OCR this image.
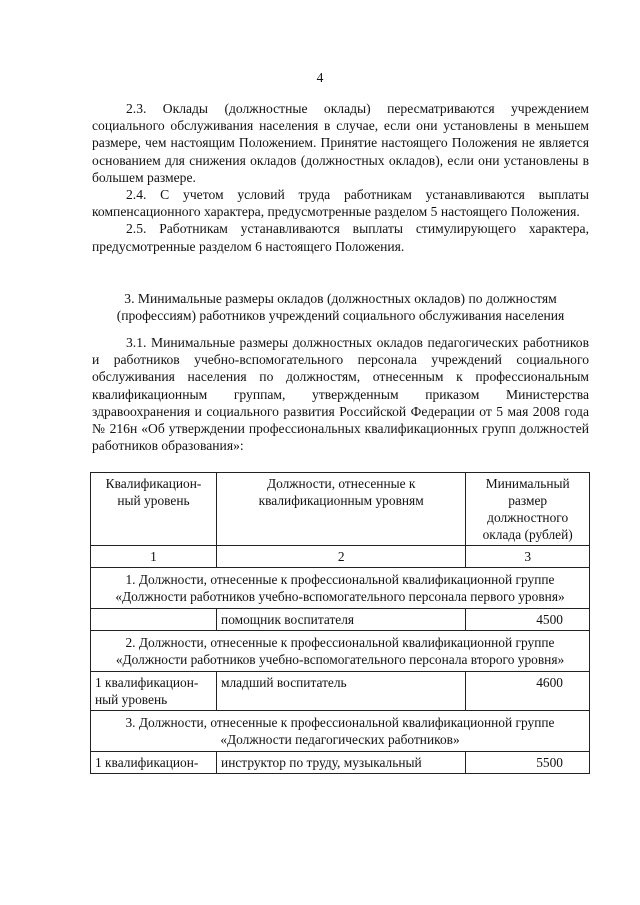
4

2.3. Оклады (должностные оклады) пересматриваются учреждением социального обслуживания населения в случае, если они установлены в меньшем размере, чем настоящим Положением. Принятие настоящего Положения не является основанием для снижения окладов (должностных окладов), если они установлены в большем размере.

2.4. С учетом условий труда работникам устанавливаются выплаты компенсационного характера, предусмотренные разделом 5 настоящего Положения.

2.5. Работникам устанавливаются выплаты стимулирующего характера, предусмотренные разделом 6 настоящего Положения.

3. Минимальные размеры окладов (должностных окладов) по должностям
(профессиям) работников учреждений социального обслуживания населения

3.1. Минимальные размеры должностных окладов педагогических работников и работников учебно-вспомогательного персонала учреждений социального обслуживания населения по должностям, отнесенным к профессиональным квалификационным группам, утвержденным приказом Министерства здравоохранения и социального развития Российской Федерации от 5 мая 2008 года № 216н «Об утверждении профессиональных квалификационных групп должностей работников образования»:

Квалификацион-ный уровень	Должности, отнесенные к квалификационным уровням	Минимальный размер должностного оклада (рублей)
1	2	3
1. Должности, отнесенные к профессиональной квалификационной группе «Должности работников учебно-вспомогательного персонала первого уровня»		
	помощник воспитателя	4500
2. Должности, отнесенные к профессиональной квалификационной группе «Должности работников учебно-вспомогательного персонала второго уровня»		
1 квалификацион-ный уровень	младший воспитатель	4600
3. Должности, отнесенные к профессиональной квалификационной группе «Должности педагогических работников»		
1 квалификацион-	инструктор по труду, музыкальный	5500
